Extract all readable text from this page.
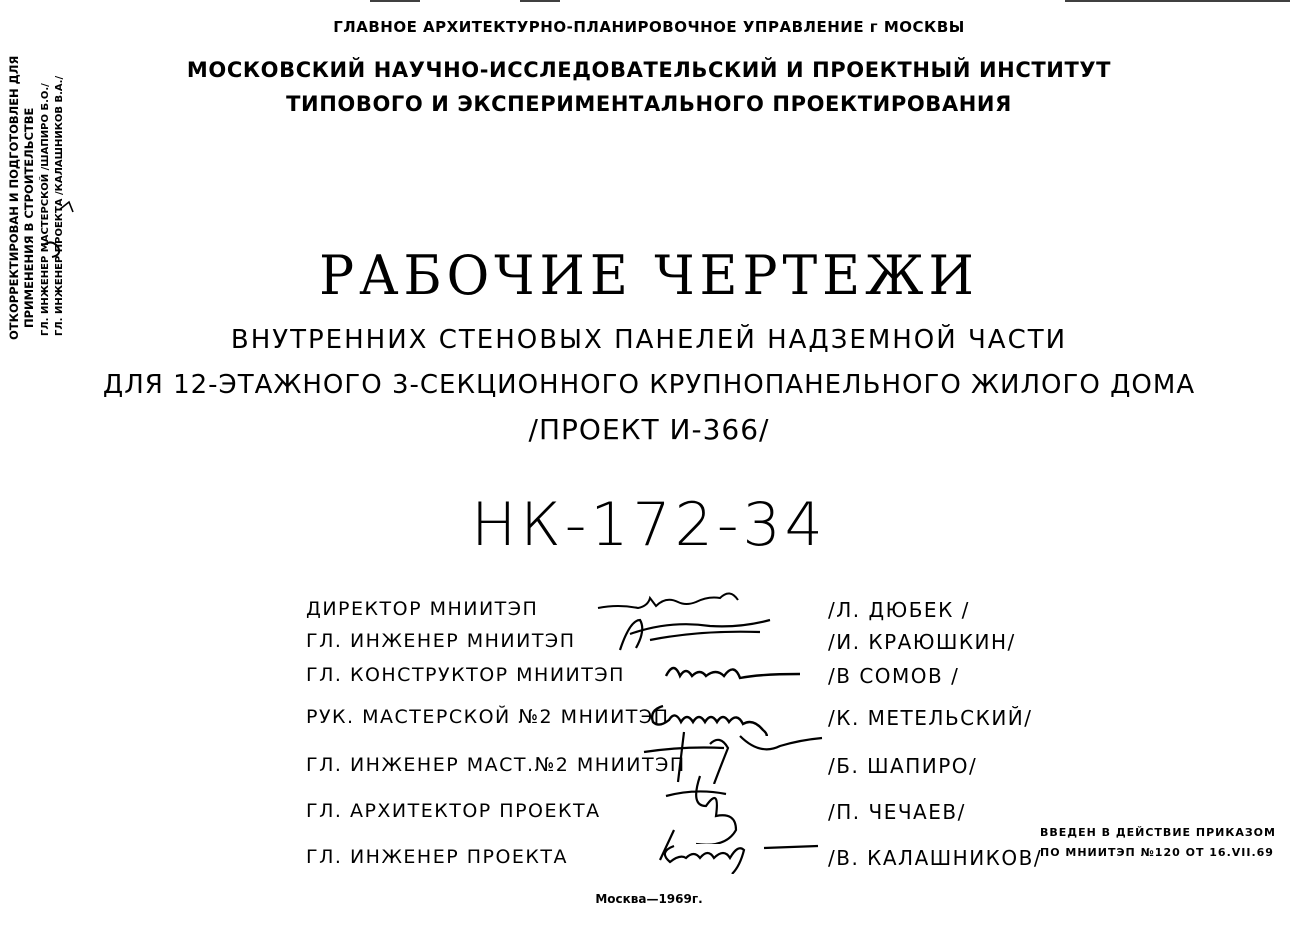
ОТКОРРЕКТИРОВАН И ПОДГОТОВЛЕН ДЛЯ ПРИМЕНЕНИЯ В СТРОИТЕЛЬСТВЕ ГЛ. ИНЖЕНЕР МАСТЕРСКОЙ /ШАПИРО Б.О./ ГЛ. ИНЖЕНЕР ПРОЕКТА /КАЛАШНИКОВ В.А./
ГЛАВНОЕ АРХИТЕКТУРНО-ПЛАНИРОВОЧНОЕ УПРАВЛЕНИЕ г МОСКВЫ
МОСКОВСКИЙ НАУЧНО-ИССЛЕДОВАТЕЛЬСКИЙ И ПРОЕКТНЫЙ ИНСТИТУТ
ТИПОВОГО И ЭКСПЕРИМЕНТАЛЬНОГО ПРОЕКТИРОВАНИЯ
РАБОЧИЕ ЧЕРТЕЖИ
ВНУТРЕННИХ СТЕНОВЫХ ПАНЕЛЕЙ НАДЗЕМНОЙ ЧАСТИ
ДЛЯ 12-ЭТАЖНОГО 3-СЕКЦИОННОГО КРУПНОПАНЕЛЬНОГО ЖИЛОГО ДОМА
/ПРОЕКТ И-366/
НК-172-34
ДИРЕКТОР МНИИТЭП	/Л. ДЮБЕК /
ГЛ. ИНЖЕНЕР МНИИТЭП	/И. КРАЮШКИН/
ГЛ. КОНСТРУКТОР МНИИТЭП	/В СОМОВ /
РУК. МАСТЕРСКОЙ №2 МНИИТЭП	/К. МЕТЕЛЬСКИЙ/
ГЛ. ИНЖЕНЕР МАСТ.№2 МНИИТЭП	/Б. ШАПИРО/
ГЛ. АРХИТЕКТОР ПРОЕКТА	/П. ЧЕЧАЕВ/
ГЛ. ИНЖЕНЕР ПРОЕКТА	/В. КАЛАШНИКОВ/
ВВЕДЕН В ДЕЙСТВИЕ ПРИКАЗОМ
ПО МНИИТЭП №120 ОТ 16.VII.69
Москва—1969г.
